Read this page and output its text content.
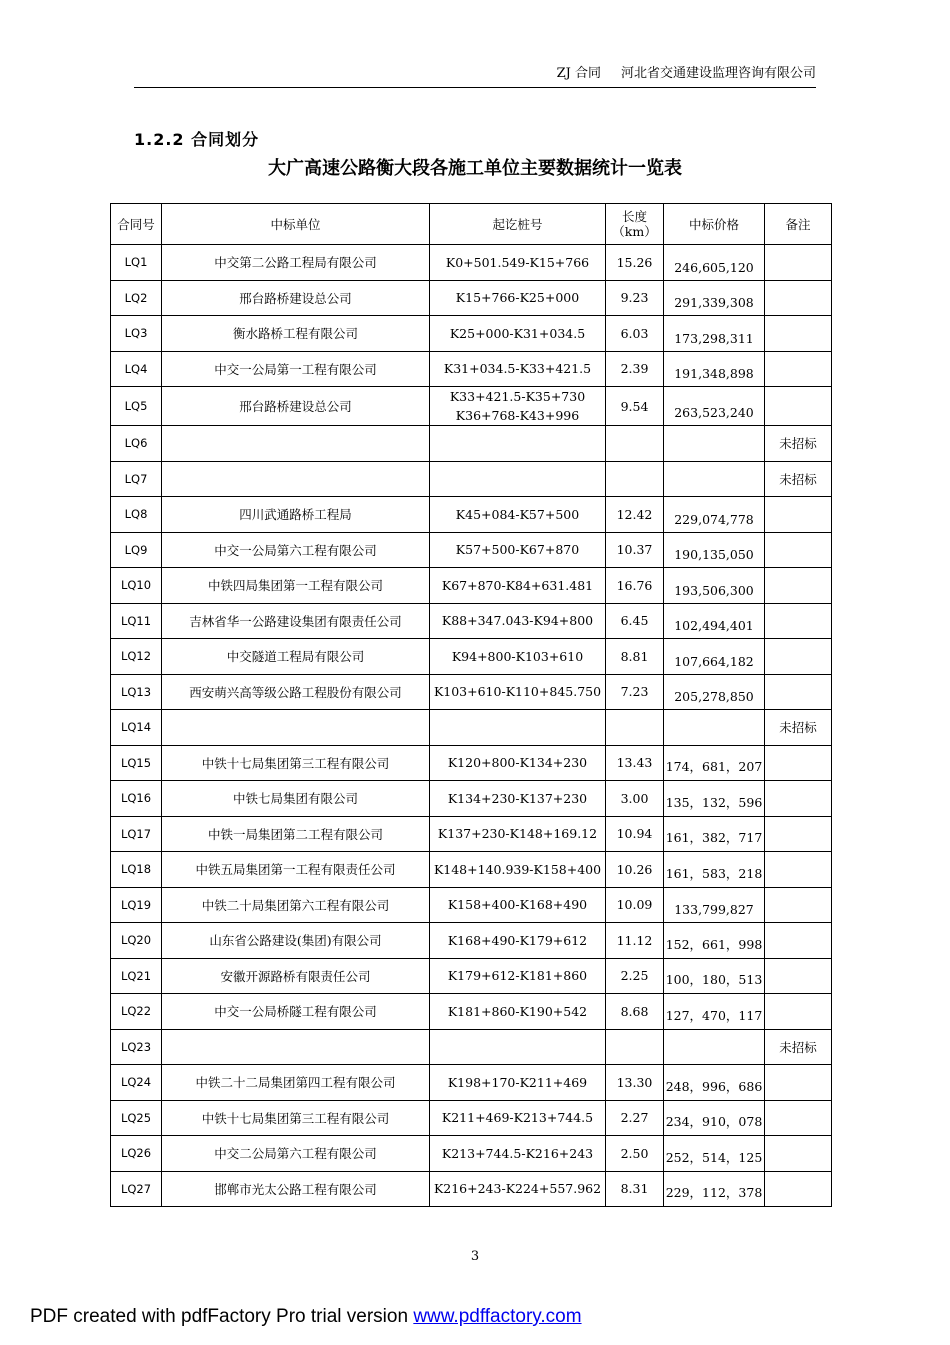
ZJ 合同 河北省交通建设监理咨询有限公司
1.2.2 合同划分
大广高速公路衡大段各施工单位主要数据统计一览表
合同号	中标单位	起讫桩号	长度（km）	中标价格	备注
LQ1	中交第二公路工程局有限公司	K0+501.549-K15+766	15.26	246,605,120	
LQ2	邢台路桥建设总公司	K15+766-K25+000	9.23	291,339,308	
LQ3	衡水路桥工程有限公司	K25+000-K31+034.5	6.03	173,298,311	
LQ4	中交一公局第一工程有限公司	K31+034.5-K33+421.5	2.39	191,348,898	
LQ5	邢台路桥建设总公司	K33+421.5-K35+730
K36+768-K43+996	9.54	263,523,240	
LQ6					未招标
LQ7					未招标
LQ8	四川武通路桥工程局	K45+084-K57+500	12.42	229,074,778	
LQ9	中交一公局第六工程有限公司	K57+500-K67+870	10.37	190,135,050	
LQ10	中铁四局集团第一工程有限公司	K67+870-K84+631.481	16.76	193,506,300	
LQ11	吉林省华一公路建设集团有限责任公司	K88+347.043-K94+800	6.45	102,494,401	
LQ12	中交隧道工程局有限公司	K94+800-K103+610	8.81	107,664,182	
LQ13	西安萌兴高等级公路工程股份有限公司	K103+610-K110+845.750	7.23	205,278,850	
LQ14					未招标
LQ15	中铁十七局集团第三工程有限公司	K120+800-K134+230	13.43	174，681，207	
LQ16	中铁七局集团有限公司	K134+230-K137+230	3.00	135，132，596	
LQ17	中铁一局集团第二工程有限公司	K137+230-K148+169.12	10.94	161，382，717	
LQ18	中铁五局集团第一工程有限责任公司	K148+140.939-K158+400	10.26	161，583，218	
LQ19	中铁二十局集团第六工程有限公司	K158+400-K168+490	10.09	133,799,827	
LQ20	山东省公路建设(集团)有限公司	K168+490-K179+612	11.12	152，661，998	
LQ21	安徽开源路桥有限责任公司	K179+612-K181+860	2.25	100，180，513	
LQ22	中交一公局桥隧工程有限公司	K181+860-K190+542	8.68	127，470，117	
LQ23					未招标
LQ24	中铁二十二局集团第四工程有限公司	K198+170-K211+469	13.30	248，996，686	
LQ25	中铁十七局集团第三工程有限公司	K211+469-K213+744.5	2.27	234，910，078	
LQ26	中交二公局第六工程有限公司	K213+744.5-K216+243	2.50	252，514，125	
LQ27	邯郸市光太公路工程有限公司	K216+243-K224+557.962	8.31	229，112，378	
3
PDF created with pdfFactory Pro trial version www.pdffactory.com
